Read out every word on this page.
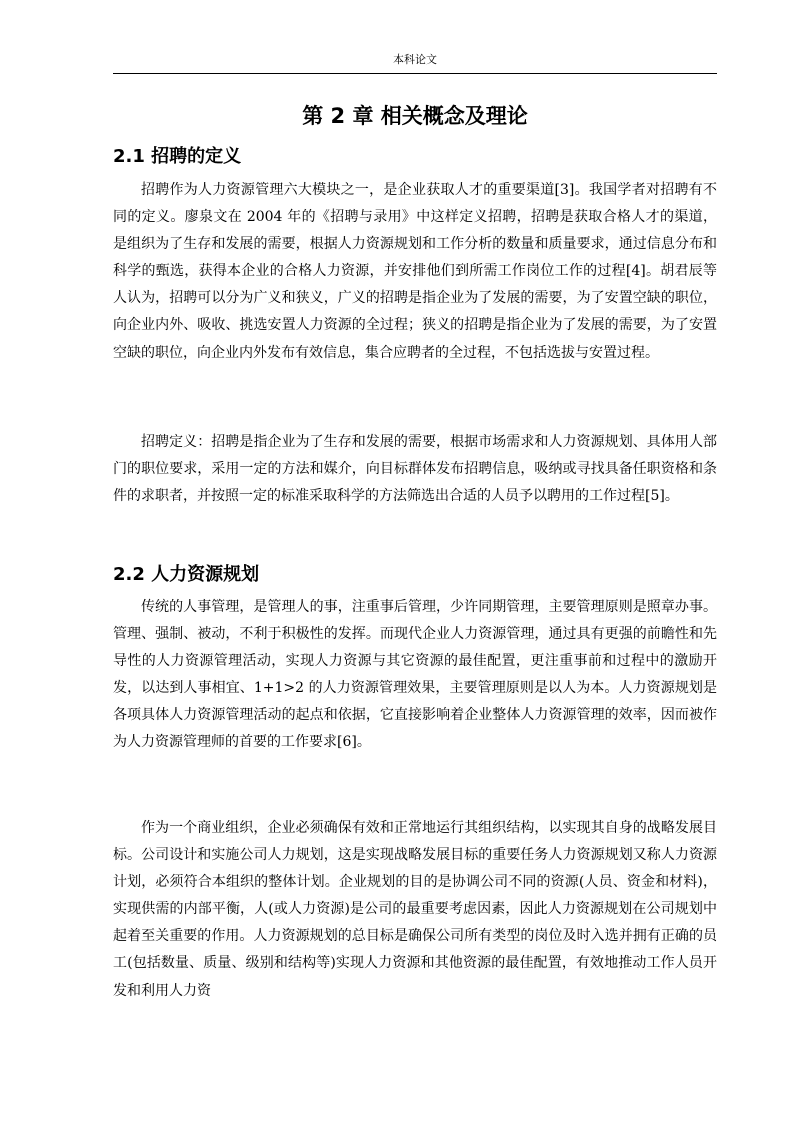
本科论文
第 2 章 相关概念及理论
2.1 招聘的定义

招聘作为人力资源管理六大模块之一，是企业获取人才的重要渠道[3]。我国学者对招聘有不同的定义。廖泉文在 2004 年的《招聘与录用》中这样定义招聘，招聘是获取合格人才的渠道，是组织为了生存和发展的需要，根据人力资源规划和工作分析的数量和质量要求，通过信息分布和科学的甄选，获得本企业的合格人力资源，并安排他们到所需工作岗位工作的过程[4]。胡君辰等人认为，招聘可以分为广义和狭义，广义的招聘是指企业为了发展的需要，为了安置空缺的职位，向企业内外、吸收、挑选安置人力资源的全过程；狭义的招聘是指企业为了发展的需要，为了安置空缺的职位，向企业内外发布有效信息，集合应聘者的全过程，不包括选拔与安置过程。

招聘定义：招聘是指企业为了生存和发展的需要，根据市场需求和人力资源规划、具体用人部门的职位要求，采用一定的方法和媒介，向目标群体发布招聘信息，吸纳或寻找具备任职资格和条件的求职者，并按照一定的标准采取科学的方法筛选出合适的人员予以聘用的工作过程[5]。

2.2 人力资源规划

传统的人事管理，是管理人的事，注重事后管理，少许同期管理，主要管理原则是照章办事。管理、强制、被动，不利于积极性的发挥。而现代企业人力资源管理，通过具有更强的前瞻性和先导性的人力资源管理活动，实现人力资源与其它资源的最佳配置，更注重事前和过程中的激励开发，以达到人事相宜、1+1>2 的人力资源管理效果，主要管理原则是以人为本。人力资源规划是各项具体人力资源管理活动的起点和依据，它直接影响着企业整体人力资源管理的效率，因而被作为人力资源管理师的首要的工作要求[6]。

作为一个商业组织，企业必须确保有效和正常地运行其组织结构，以实现其自身的战略发展目标。公司设计和实施公司人力规划，这是实现战略发展目标的重要任务人力资源规划又称人力资源计划，必须符合本组织的整体计划。企业规划的目的是协调公司不同的资源(人员、资金和材料)，实现供需的内部平衡，人(或人力资源)是公司的最重要考虑因素，因此人力资源规划在公司规划中起着至关重要的作用。人力资源规划的总目标是确保公司所有类型的岗位及时入选并拥有正确的员工(包括数量、质量、级别和结构等)实现人力资源和其他资源的最佳配置，有效地推动工作人员开发和利用人力资
